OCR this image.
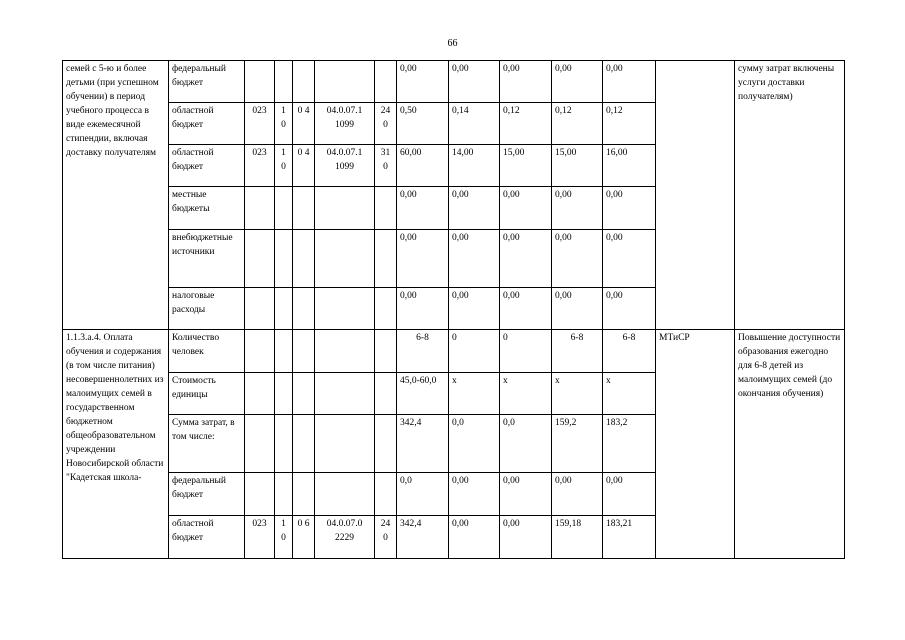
66
семей с 5-ю и более детьми (при успешном обучении) в период учебного процесса в виде ежемесячной стипендии, включая доставку получателям	федеральный бюджет						0,00	0,00	0,00	0,00	0,00		сумму затрат включены услуги доставки получателям)
	областной бюджет	023	1 0	0 4	04.0.07.1 1099	24 0	0,50	0,14	0,12	0,12	0,12		
	областной бюджет	023	1 0	0 4	04.0.07.1 1099	31 0	60,00	14,00	15,00	15,00	16,00		
	местные бюджеты						0,00	0,00	0,00	0,00	0,00		
	внебюджетные источники						0,00	0,00	0,00	0,00	0,00		
	налоговые расходы						0,00	0,00	0,00	0,00	0,00		
1.1.3.а.4. Оплата обучения и содержания (в том числе питания) несовершеннолетних из малоимущих семей в государственном бюджетном общеобразовательном учреждении Новосибирской области "Кадетская школа-	Количество человек						6-8	0	0	6-8	6-8	МТиСР	Повышение доступности образования ежегодно для 6-8 детей из малоимущих семей (до окончания обучения)
	Стоимость единицы						45,0-60,0	х	х	х	х		
	Сумма затрат, в том числе:						342,4	0,0	0,0	159,2	183,2		
	федеральный бюджет						0,0	0,00	0,00	0,00	0,00		
	областной бюджет	023	1 0	0 6	04.0.07.0 2229	24 0	342,4	0,00	0,00	159,18	183,21		
